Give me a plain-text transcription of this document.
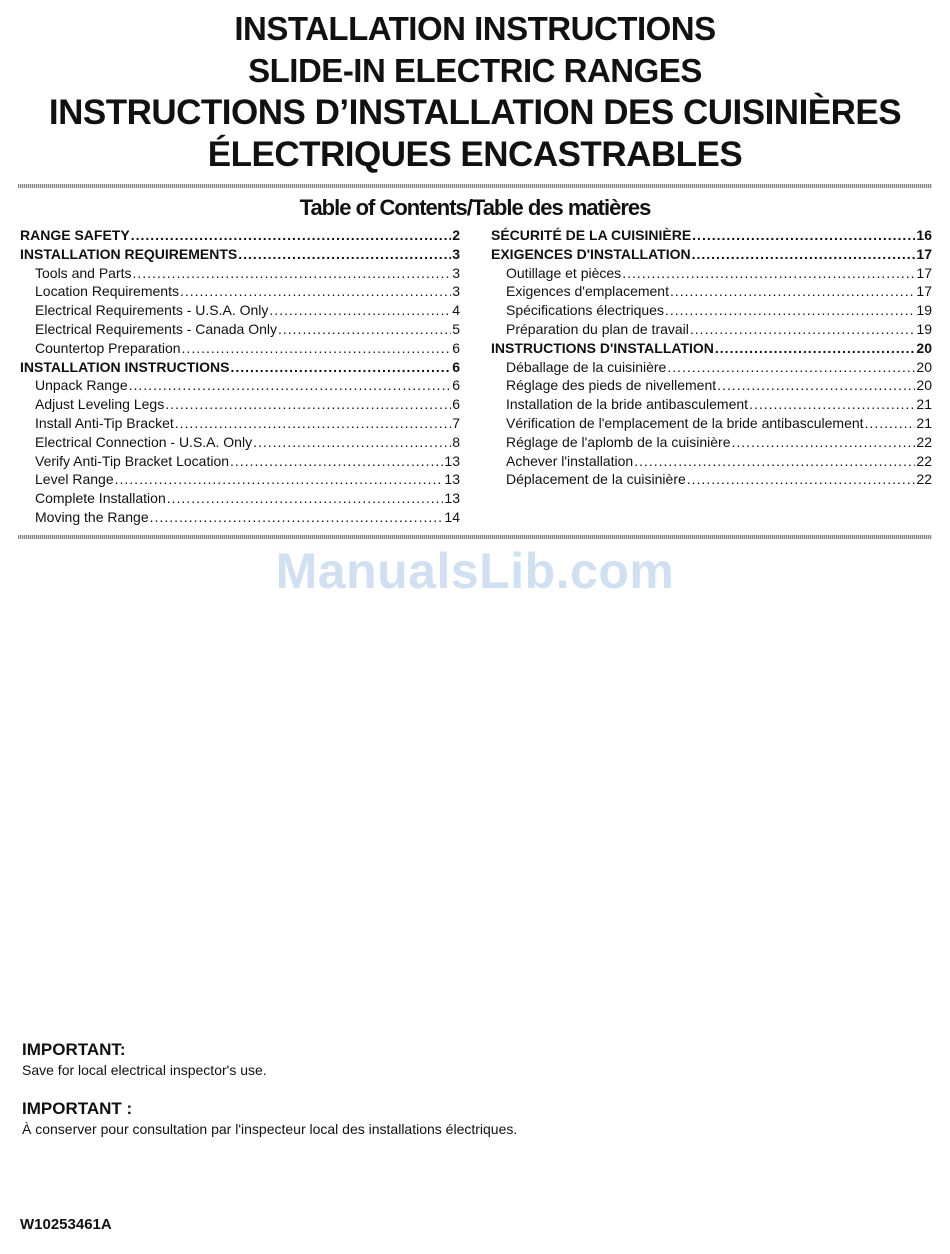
INSTALLATION INSTRUCTIONS
SLIDE-IN ELECTRIC RANGES
INSTRUCTIONS D’INSTALLATION DES CUISINIÈRES
ÉLECTRIQUES ENCASTRABLES
Table of Contents/Table des matières
RANGE SAFETY .....	2
INSTALLATION REQUIREMENTS .....	3
Tools and Parts .....	3
Location Requirements .....	3
Electrical Requirements - U.S.A. Only .....	4
Electrical Requirements - Canada Only .....	5
Countertop Preparation .....	6
INSTALLATION INSTRUCTIONS .....	6
Unpack Range .....	6
Adjust Leveling Legs .....	6
Install Anti-Tip Bracket .....	7
Electrical Connection - U.S.A. Only .....	8
Verify Anti-Tip Bracket Location .....	13
Level Range .....	13
Complete Installation .....	13
Moving the Range .....	14
SÉCURITÉ DE LA CUISINIÈRE .....	16
EXIGENCES D'INSTALLATION .....	17
Outillage et pièces .....	17
Exigences d'emplacement .....	17
Spécifications électriques .....	19
Préparation du plan de travail .....	19
INSTRUCTIONS D'INSTALLATION .....	20
Déballage de la cuisinière .....	20
Réglage des pieds de nivellement .....	20
Installation de la bride antibasculement .....	21
Vérification de l'emplacement de la bride antibasculement .....	21
Réglage de l'aplomb de la cuisinière .....	22
Achever l'installation .....	22
Déplacement de la cuisinière .....	22
ManualsLib.com
IMPORTANT:
Save for local electrical inspector's use.
IMPORTANT :
À conserver pour consultation par l'inspecteur local des installations électriques.
W10253461A
